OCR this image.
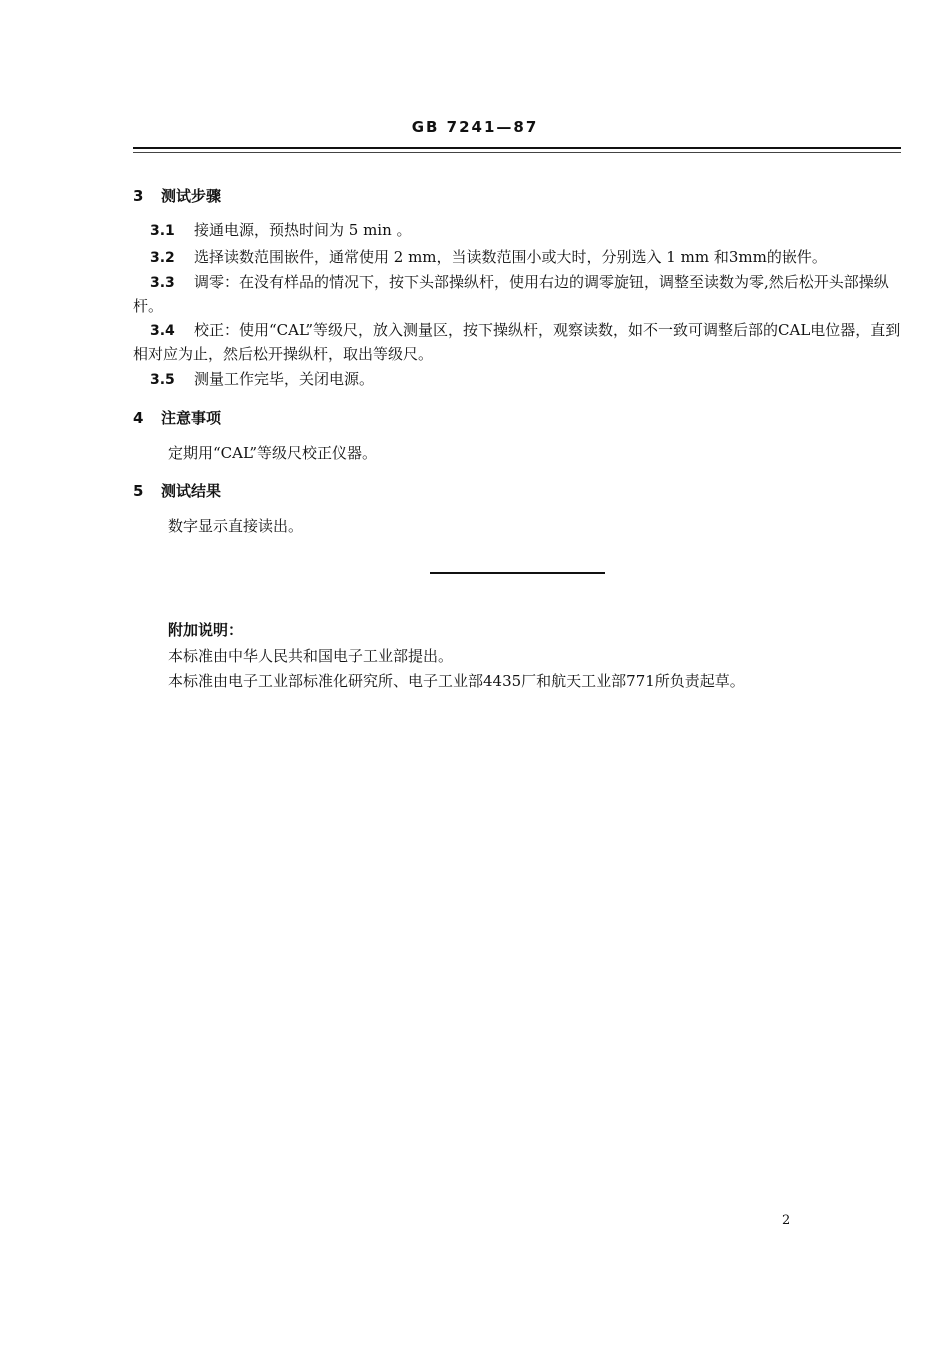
GB 7241—87
3 测试步骤
3.1 接通电源，预热时间为 5 min 。
3.2 选择读数范围嵌件，通常使用 2 mm，当读数范围小或大时，分别选入 1 mm 和3mm的嵌件。
3.3 调零：在没有样品的情况下，按下头部操纵杆，使用右边的调零旋钮，调整至读数为零,然后松开头部操纵杆。
3.4 校正：使用“CAL”等级尺，放入测量区，按下操纵杆，观察读数，如不一致可调整后部的CAL电位器，直到相对应为止，然后松开操纵杆，取出等级尺。
3.5 测量工作完毕，关闭电源。
4 注意事项
定期用“CAL”等级尺校正仪器。
5 测试结果
数字显示直接读出。
附加说明：
本标准由中华人民共和国电子工业部提出。
本标准由电子工业部标准化研究所、电子工业部4435厂和航天工业部771所负责起草。
2
